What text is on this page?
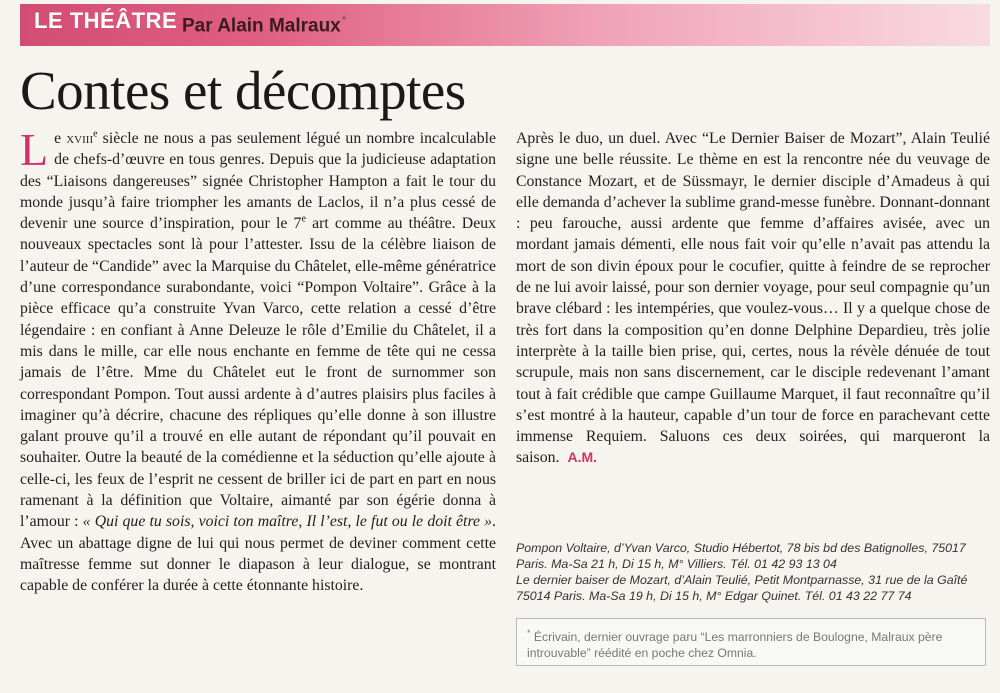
LE THÉÂTRE Par Alain Malraux*
Contes et décomptes

Le xviii$^e$ siècle ne nous a pas seulement légué un nombre incalculable de chefs-d’œuvre en tous genres. Depuis que la judicieuse adaptation des “Liaisons dangereuses” signée Christopher Hampton a fait le tour du monde jusqu’à faire triompher les amants de Laclos, il n’a plus cessé de devenir une source d’inspiration, pour le 7e art comme au théâtre. Deux nouveaux spectacles sont là pour l’attester. Issu de la célèbre liaison de l’auteur de “Candide” avec la Marquise du Châtelet, elle-même génératrice d’une correspondance surabondante, voici “Pompon Voltaire”. Grâce à la pièce efficace qu’a construite Yvan Varco, cette relation a cessé d’être légendaire : en confiant à Anne Deleuze le rôle d’Emilie du Châtelet, il a mis dans le mille, car elle nous enchante en femme de tête qui ne cessa jamais de l’être. Mme du Châtelet eut le front de surnommer son correspondant Pompon. Tout aussi ardente à d’autres plaisirs plus faciles à imaginer qu’à décrire, chacune des répliques qu’elle donne à son illustre galant prouve qu’il a trouvé en elle autant de répondant qu’il pouvait en souhaiter. Outre la beauté de la comédienne et la séduction qu’elle ajoute à celle-ci, les feux de l’esprit ne cessent de briller ici de part en part en nous ramenant à la définition que Voltaire, aimanté par son égérie donna à l’amour : « Qui que tu sois, voici ton maître, Il l’est, le fut ou le doit être ». Avec un abattage digne de lui qui nous permet de deviner comment cette maîtresse femme sut donner le diapason à leur dialogue, se montrant capable de conférer la durée à cette étonnante histoire.

Après le duo, un duel. Avec “Le Dernier Baiser de Mozart”, Alain Teulié signe une belle réussite. Le thème en est la rencontre née du veuvage de Constance Mozart, et de Süssmayr, le dernier disciple d’Amadeus à qui elle demanda d’achever la sublime grand-messe funèbre. Donnant-donnant : peu farouche, aussi ardente que femme d’affaires avisée, avec un mordant jamais démenti, elle nous fait voir qu’elle n’avait pas attendu la mort de son divin époux pour le cocufier, quitte à feindre de se reprocher de ne lui avoir laissé, pour son dernier voyage, pour seul compagnie qu’un brave clébard : les intempéries, que voulez-vous… Il y a quelque chose de très fort dans la composition qu’en donne Delphine Depardieu, très jolie interprète à la taille bien prise, qui, certes, nous la révèle dénuée de tout scrupule, mais non sans discernement, car le disciple redevenant l’amant tout à fait crédible que campe Guillaume Marquet, il faut reconnaître qu’il s’est montré à la hauteur, capable d’un tour de force en parachevant cette immense Requiem. Saluons ces deux soirées, qui marqueront la saison. A.M.

Pompon Voltaire, d’Yvan Varco, Studio Hébertot, 78 bis bd des Batignolles, 75017 Paris. Ma-Sa 21 h, Di 15 h, M° Villiers. Tél. 01 42 93 13 04

Le dernier baiser de Mozart, d’Alain Teulié, Petit Montparnasse, 31 rue de la Gaîté 75014 Paris. Ma-Sa 19 h, Di 15 h, M° Edgar Quinet. Tél. 01 43 22 77 74

* Écrivain, dernier ouvrage paru “Les marronniers de Boulogne, Malraux père introuvable” réédité en poche chez Omnia.
